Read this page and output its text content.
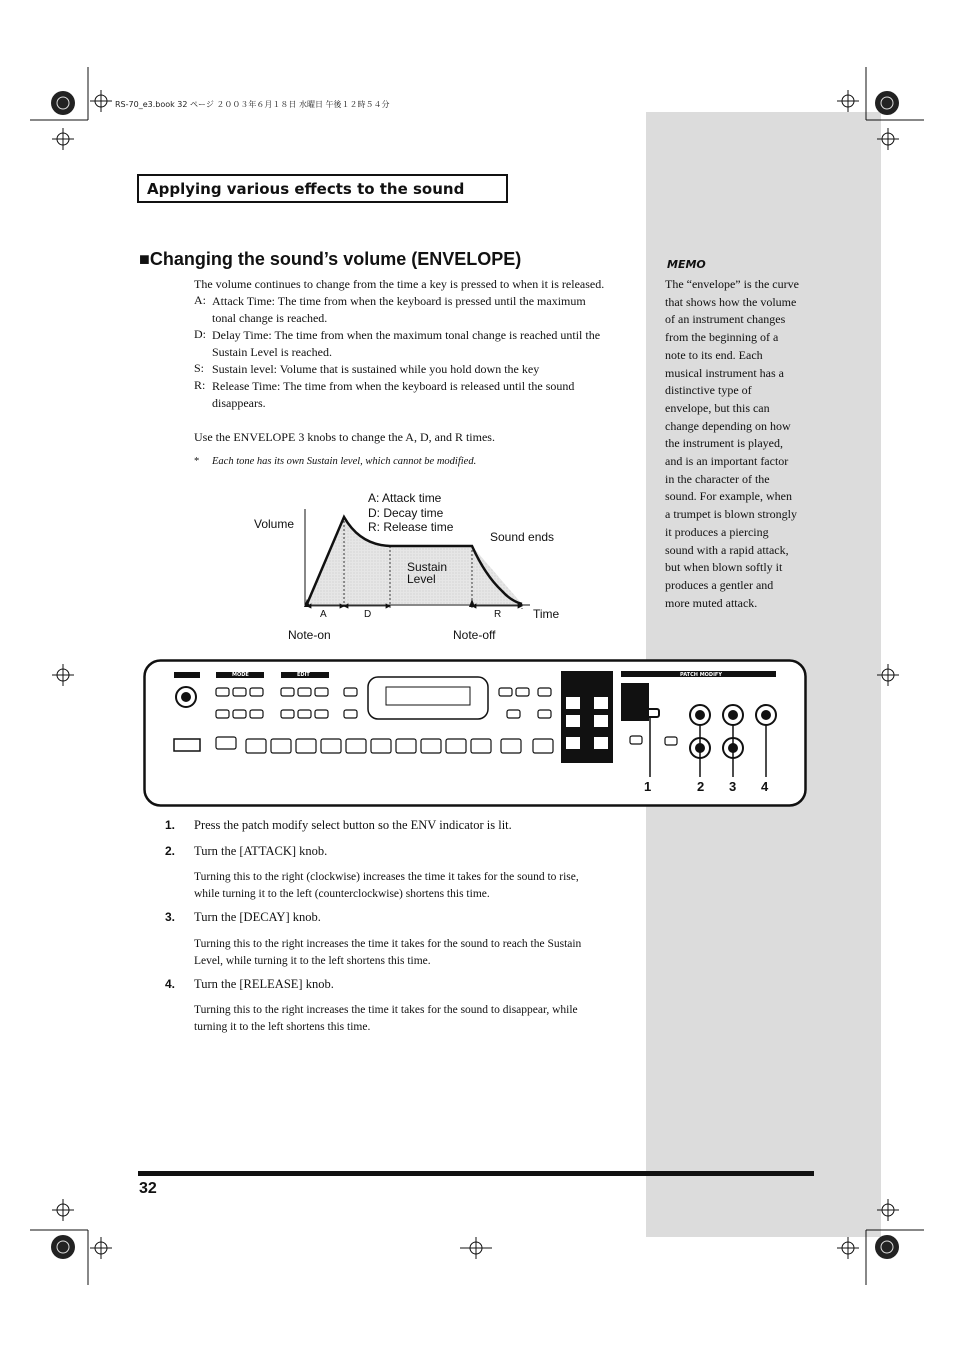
RS-70_e3.book 32 ページ ２００３年６月１８日 水曜日 午後１２時５４分
Applying various effects to the sound
■Changing the sound’s volume (ENVELOPE)
The volume continues to change from the time a key is pressed to when it is released.
A: Attack Time: The time from when the keyboard is pressed until the maximum
tonal change is reached.
D: Delay Time: The time from when the maximum tonal change is reached until the
Sustain Level is reached.
S: Sustain level: Volume that is sustained while you hold down the key
R: Release Time: The time from when the keyboard is released until the sound
disappears.
Use the ENVELOPE 3 knobs to change the A, D, and R times.
* Each tone has its own Sustain level, which cannot be modified.
A: Attack time
D: Decay time
R: Release time
Volume
Sound ends
Sustain
Level
A	D	R	Time
Note-on	Note-off
MEMO
The “envelope” is the curve
that shows how the volume
of an instrument changes
from the beginning of a
note to its end. Each
musical instrument has a
distinctive type of
envelope, but this can
change depending on how
the instrument is played,
and is an important factor
in the character of the
sound. For example, when
a trumpet is blown strongly
it produces a piercing
sound with a rapid attack,
but when blown softly it
produces a gentler and
more muted attack.
VOLUME	MODE	EDIT	PATCH MODIFY
1	2 3 4
1. Press the patch modify select button so the ENV indicator is lit.
2. Turn the [ATTACK] knob.
Turning this to the right (clockwise) increases the time it takes for the sound to rise,
while turning it to the left (counterclockwise) shortens this time.
3. Turn the [DECAY] knob.
Turning this to the right increases the time it takes for the sound to reach the Sustain
Level, while turning it to the left shortens this time.
4. Turn the [RELEASE] knob.
Turning this to the right increases the time it takes for the sound to disappear, while
turning it to the left shortens this time.
32
